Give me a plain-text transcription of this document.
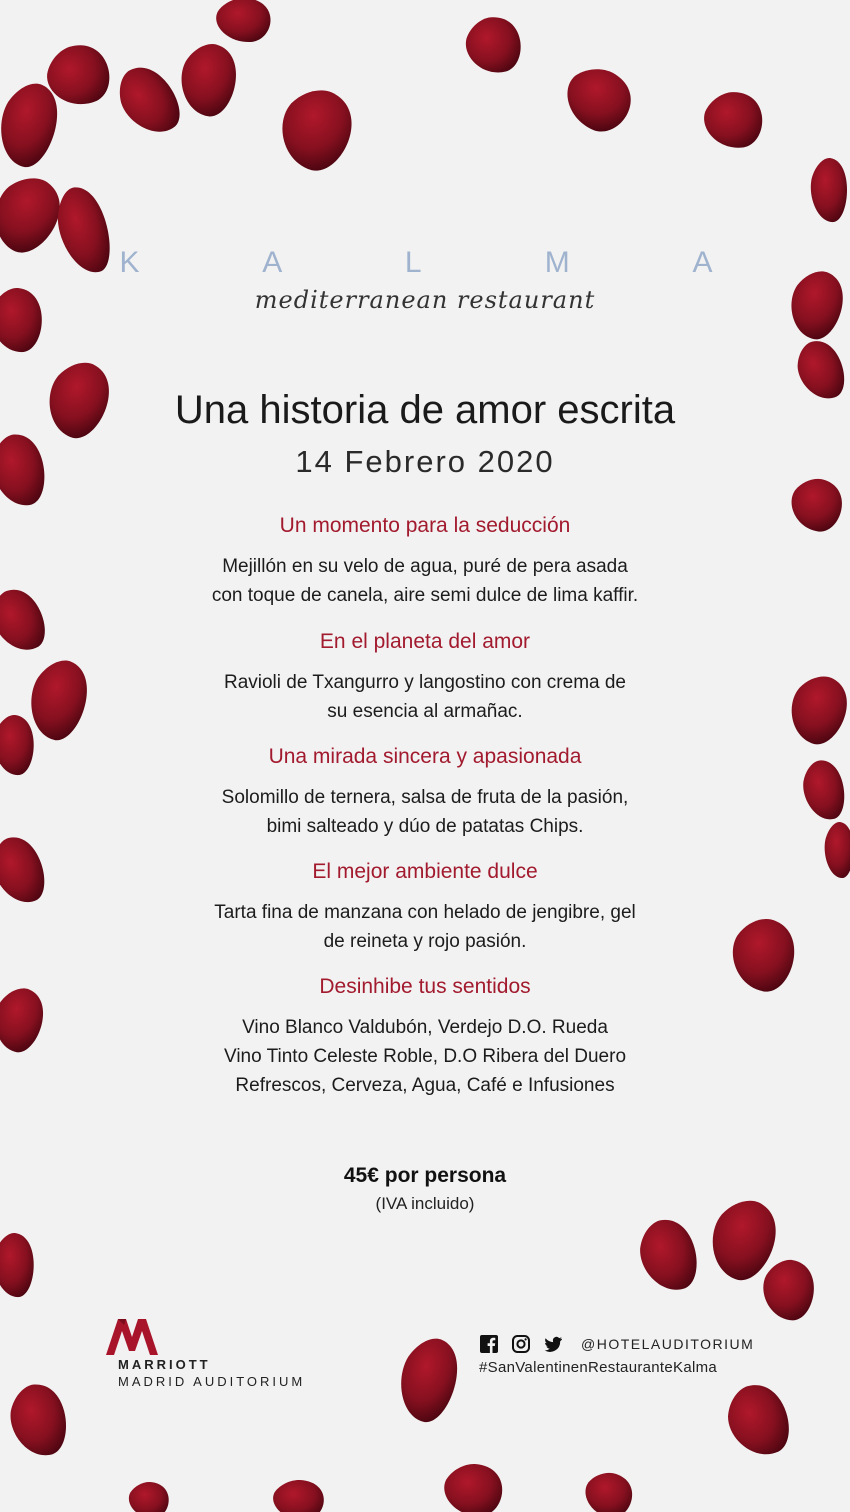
K A L M A
mediterranean restaurant
Una historia de amor escrita
14 Febrero 2020
Un momento para la seducción
Mejillón en su velo de agua, puré de pera asada
con toque de canela, aire semi dulce de lima kaffir.
En el planeta del amor
Ravioli de Txangurro y langostino con crema de
su esencia al armañac.
Una mirada sincera y apasionada
Solomillo de ternera, salsa de fruta de la pasión,
bimi salteado y dúo de patatas Chips.
El mejor ambiente dulce
Tarta fina de manzana con helado de jengibre, gel
de reineta y rojo pasión.
Desinhibe tus sentidos
Vino Blanco Valdubón, Verdejo D.O. Rueda
Vino Tinto Celeste Roble, D.O Ribera del Duero
Refrescos, Cerveza, Agua, Café e Infusiones
45€ por persona
(IVA incluido)
MARRIOTT
MADRID AUDITORIUM
@HOTELAUDITORIUM
#SanValentinenRestauranteKalma
